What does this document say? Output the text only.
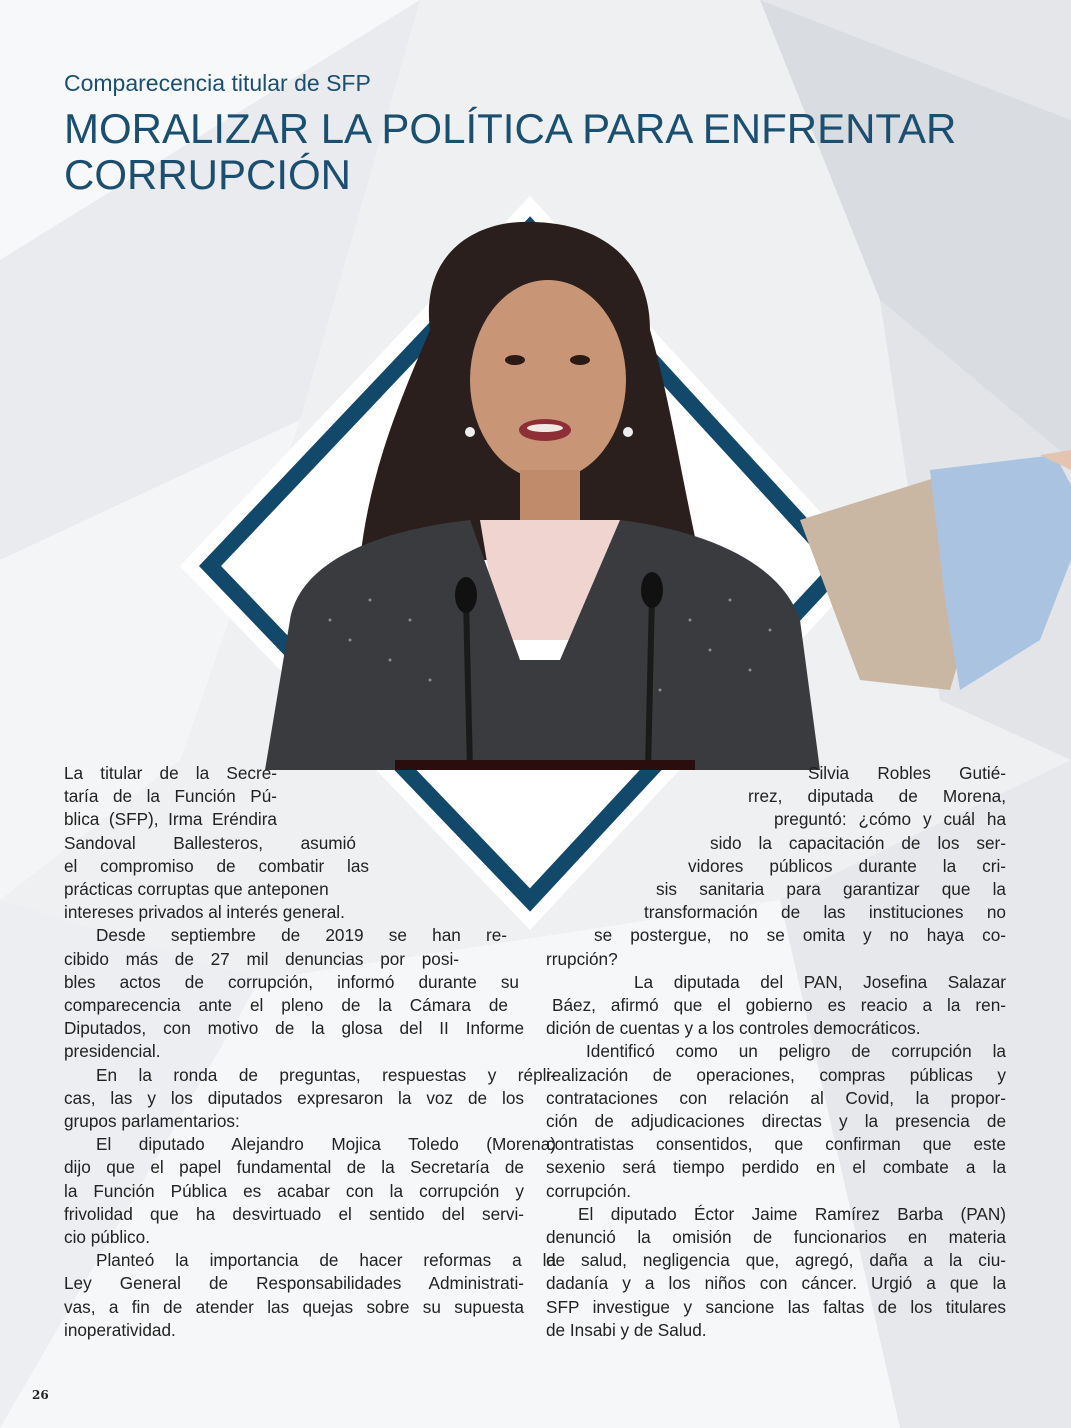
Comparecencia titular de SFP
MORALIZAR LA POLÍTICA PARA ENFRENTAR
CORRUPCIÓN
La titular de la Secre-
taría de la Función Pú-
blica (SFP), Irma Eréndira
Sandoval Ballesteros, asumió
el compromiso de combatir las
prácticas corruptas que anteponen
intereses privados al interés general.
Desde septiembre de 2019 se han re-
cibido más de 27 mil denuncias por posi-
bles actos de corrupción, informó durante su
comparecencia ante el pleno de la Cámara de
Diputados, con motivo de la glosa del II Informe
presidencial.
En la ronda de preguntas, respuestas y répli-
cas, las y los diputados expresaron la voz de los
grupos parlamentarios:
El diputado Alejandro Mojica Toledo (Morena)
dijo que el papel fundamental de la Secretaría de
la Función Pública es acabar con la corrupción y
frivolidad que ha desvirtuado el sentido del servi-
cio público.
Planteó la importancia de hacer reformas a la
Ley General de Responsabilidades Administrati-
vas, a fin de atender las quejas sobre su supuesta
inoperatividad.
Silvia Robles Gutié-
rrez, diputada de Morena,
preguntó: ¿cómo y cuál ha
sido la capacitación de los ser-
vidores públicos durante la cri-
sis sanitaria para garantizar que la
transformación de las instituciones no
se postergue, no se omita y no haya co-
rrupción?
La diputada del PAN, Josefina Salazar
Báez, afirmó que el gobierno es reacio a la ren-
dición de cuentas y a los controles democráticos.
Identificó como un peligro de corrupción la
realización de operaciones, compras públicas y
contrataciones con relación al Covid, la propor-
ción de adjudicaciones directas y la presencia de
contratistas consentidos, que confirman que este
sexenio será tiempo perdido en el combate a la
corrupción.
El diputado Éctor Jaime Ramírez Barba (PAN)
denunció la omisión de funcionarios en materia
de salud, negligencia que, agregó, daña a la ciu-
dadanía y a los niños con cáncer. Urgió a que la
SFP investigue y sancione las faltas de los titulares
de Insabi y de Salud.
26
